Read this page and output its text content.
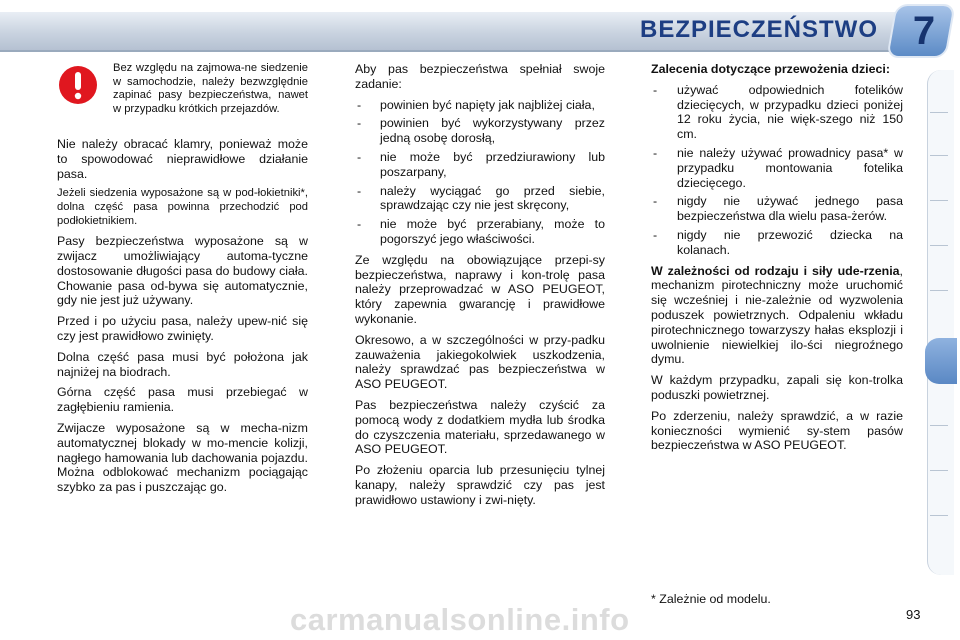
BEZPIECZEŃSTWO 7
Bez względu na zajmowa-ne siedzenie w samochodzie, należy bezwzględnie zapinać pasy bezpieczeństwa, nawet w przypadku krótkich przejazdów.

Nie należy obracać klamry, ponieważ może to spowodować nieprawidłowe działanie pasa.

Jeżeli siedzenia wyposażone są w pod-łokietniki*, dolna część pasa powinna przechodzić pod podłokietnikiem.

Pasy bezpieczeństwa wyposażone są w zwijacz umożliwiający automa-tyczne dostosowanie długości pasa do budowy ciała. Chowanie pasa od-bywa się automatycznie, gdy nie jest już używany.

Przed i po użyciu pasa, należy upew-nić się czy jest prawidłowo zwinięty.

Dolna część pasa musi być położona jak najniżej na biodrach.

Górna część pasa musi przebiegać w zagłębieniu ramienia.

Zwijacze wyposażone są w mecha-nizm automatycznej blokady w mo-mencie kolizji, nagłego hamowania lub dachowania pojazdu. Można odblokować mechanizm pociągając szybko za pas i puszczając go.

Aby pas bezpieczeństwa spełniał swoje zadanie:

- powinien być napięty jak najbliżej ciała,
- powinien być wykorzystywany przez jedną osobę dorosłą,
- nie może być przedziurawiony lub poszarpany,
- należy wyciągać go przed siebie, sprawdzając czy nie jest skręcony,
- nie może być przerabiany, może to pogorszyć jego właściwości.

Ze względu na obowiązujące przepi-sy bezpieczeństwa, naprawy i kon-trolę pasa należy przeprowadzać w ASO PEUGEOT, który zapewnia gwarancję i prawidłowe wykonanie.

Okresowo, a w szczególności w przy-padku zauważenia jakiegokolwiek uszkodzenia, należy sprawdzać pas bezpieczeństwa w ASO PEUGEOT.

Pas bezpieczeństwa należy czyścić za pomocą wody z dodatkiem mydła lub środka do czyszczenia materiału, sprzedawanego w ASO PEUGEOT.

Po złożeniu oparcia lub przesunięciu tylnej kanapy, należy sprawdzić czy pas jest prawidłowo ustawiony i zwi-nięty.

Zalecenia dotyczące przewożenia dzieci:

- używać odpowiednich fotelików dziecięcych, w przypadku dzieci poniżej 12 roku życia, nie więk-szego niż 150 cm.
- nie należy używać prowadnicy pasa* w przypadku montowania fotelika dziecięcego.
- nigdy nie używać jednego pasa bezpieczeństwa dla wielu pasa-żerów.
- nigdy nie przewozić dziecka na kolanach.

W zależności od rodzaju i siły ude-rzenia, mechanizm pirotechniczny może uruchomić się wcześniej i nie-zależnie od wyzwolenia poduszek powietrznych. Odpaleniu wkładu pirotechnicznego towarzyszy hałas eksplozji i uwolnienie niewielkiej ilo-ści niegroźnego dymu.

W każdym przypadku, zapali się kon-trolka poduszki powietrznej.

Po zderzeniu, należy sprawdzić, a w razie konieczności wymienić sy-stem pasów bezpieczeństwa w ASO PEUGEOT.

* Zależnie od modelu.
carmanualsonline.info	93
